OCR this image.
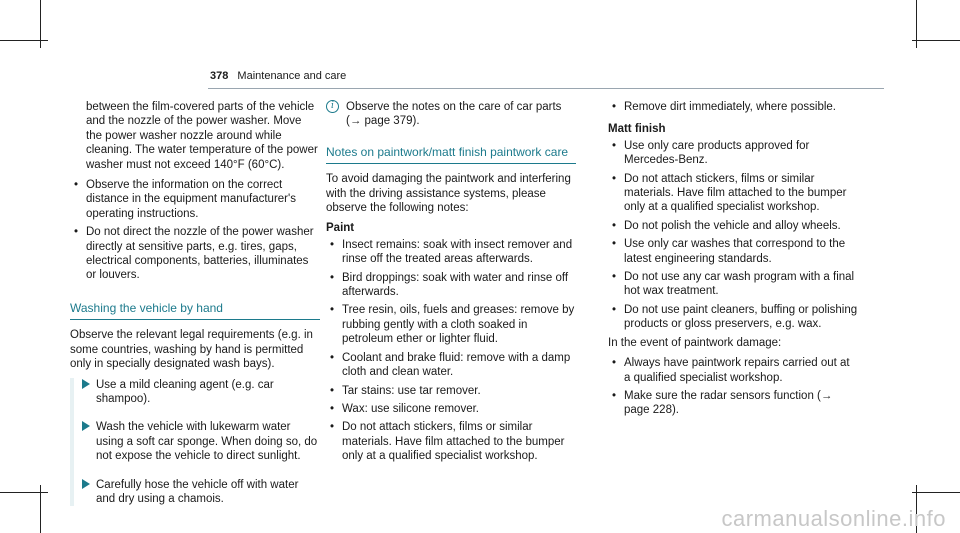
378 Maintenance and care

between the film-covered parts of the vehicle and the nozzle of the power washer. Move the power washer nozzle around while cleaning. The water temperature of the power washer must not exceed 140°F (60°C).

• Observe the information on the correct distance in the equipment manufacturer's operating instructions.
• Do not direct the nozzle of the power washer directly at sensitive parts, e.g. tires, gaps, electrical components, batteries, illuminates or louvers.
Washing the vehicle by hand

Observe the relevant legal requirements (e.g. in some countries, washing by hand is permitted only in specially designated wash bays).

Use a mild cleaning agent (e.g. car shampoo).
Wash the vehicle with lukewarm water using a soft car sponge. When doing so, do not expose the vehicle to direct sunlight.
Carefully hose the vehicle off with water and dry using a chamois.

i	Observe the notes on the care of car parts (→ page 379).

Notes on paintwork/matt finish paintwork care

To avoid damaging the paintwork and interfering with the driving assistance systems, please observe the following notes:

Paint

• Insect remains: soak with insect remover and rinse off the treated areas afterwards.
• Bird droppings: soak with water and rinse off afterwards.
• Tree resin, oils, fuels and greases: remove by rubbing gently with a cloth soaked in petroleum ether or lighter fluid.
• Coolant and brake fluid: remove with a damp cloth and clean water.
• Tar stains: use tar remover.
• Wax: use silicone remover.
• Do not attach stickers, films or similar materials. Have film attached to the bumper only at a qualified specialist workshop.
• Remove dirt immediately, where possible.

Matt finish

• Use only care products approved for Mercedes-Benz.
• Do not attach stickers, films or similar materials. Have film attached to the bumper only at a qualified specialist workshop.
• Do not polish the vehicle and alloy wheels.
• Use only car washes that correspond to the latest engineering standards.
• Do not use any car wash program with a final hot wax treatment.
• Do not use paint cleaners, buffing or polishing products or gloss preservers, e.g. wax.

In the event of paintwork damage:

• Always have paintwork repairs carried out at a qualified specialist workshop.
• Make sure the radar sensors function (→ page 228).
carmanualsonline.info
